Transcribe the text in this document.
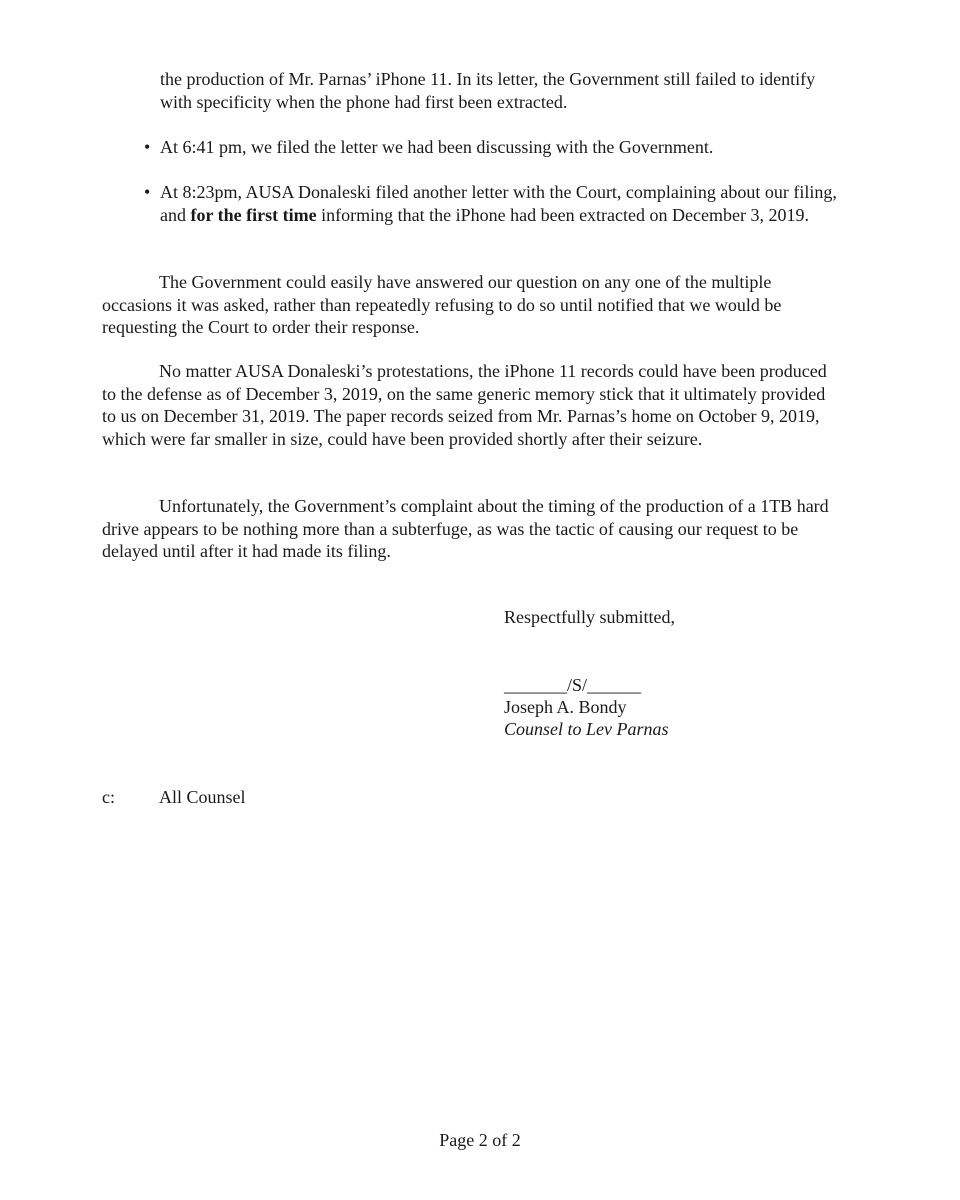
the production of Mr. Parnas’ iPhone 11. In its letter, the Government still failed to identify with specificity when the phone had first been extracted.

• At 6:41 pm, we filed the letter we had been discussing with the Government.
• At 8:23pm, AUSA Donaleski filed another letter with the Court, complaining about our filing, and for the first time informing that the iPhone had been extracted on December 3, 2019.

The Government could easily have answered our question on any one of the multiple occasions it was asked, rather than repeatedly refusing to do so until notified that we would be requesting the Court to order their response.

No matter AUSA Donaleski’s protestations, the iPhone 11 records could have been produced to the defense as of December 3, 2019, on the same generic memory stick that it ultimately provided to us on December 31, 2019. The paper records seized from Mr. Parnas’s home on October 9, 2019, which were far smaller in size, could have been provided shortly after their seizure.

Unfortunately, the Government’s complaint about the timing of the production of a 1TB hard drive appears to be nothing more than a subterfuge, as was the tactic of causing our request to be delayed until after it had made its filing.

Respectfully submitted,

_______/S/______

Joseph A. Bondy

Counsel to Lev Parnas

c: All Counsel

Page 2 of 2
